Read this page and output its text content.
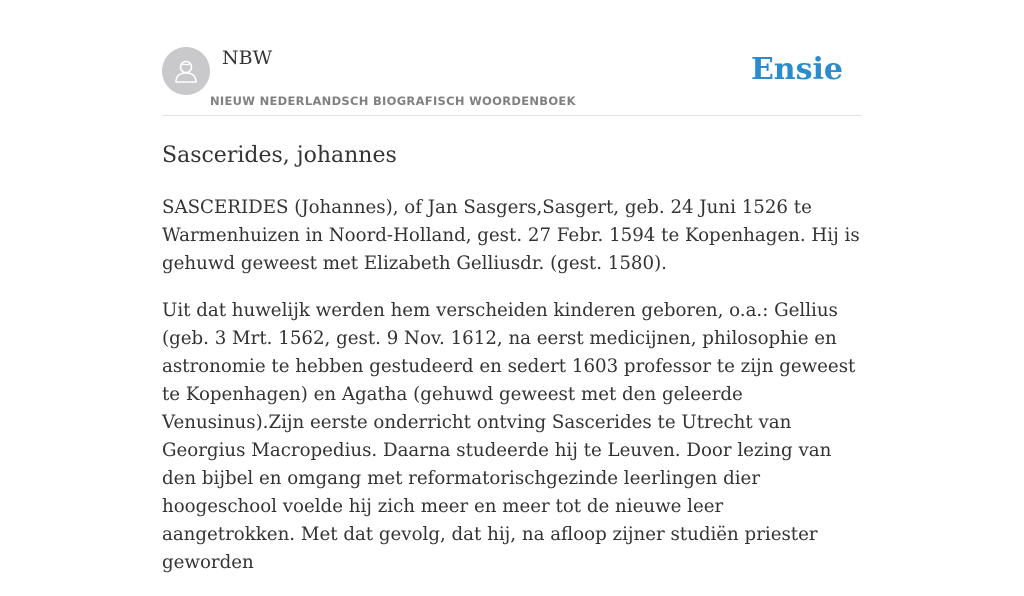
NBW
NIEUW NEDERLANDSCH BIOGRAFISCH WOORDENBOEK
Ensie
Sascerides, johannes

SASCERIDES (Johannes), of Jan Sasgers,Sasgert, geb. 24 Juni 1526 te Warmenhuizen in Noord-Holland, gest. 27 Febr. 1594 te Kopenhagen. Hij is gehuwd geweest met Elizabeth Gelliusdr. (gest. 1580).

Uit dat huwelijk werden hem verscheiden kinderen geboren, o.a.: Gellius (geb. 3 Mrt. 1562, gest. 9 Nov. 1612, na eerst medicijnen, philosophie en astronomie te hebben gestudeerd en sedert 1603 professor te zijn geweest te Kopenhagen) en Agatha (gehuwd geweest met den geleerde Venusinus).Zijn eerste onderricht ontving Sascerides te Utrecht van Georgius Macropedius. Daarna studeerde hij te Leuven. Door lezing van den bijbel en omgang met reformatorischgezinde leerlingen dier hoogeschool voelde hij zich meer en meer tot de nieuwe leer aangetrokken. Met dat gevolg, dat hij, na afloop zijner studiën priester geworden
